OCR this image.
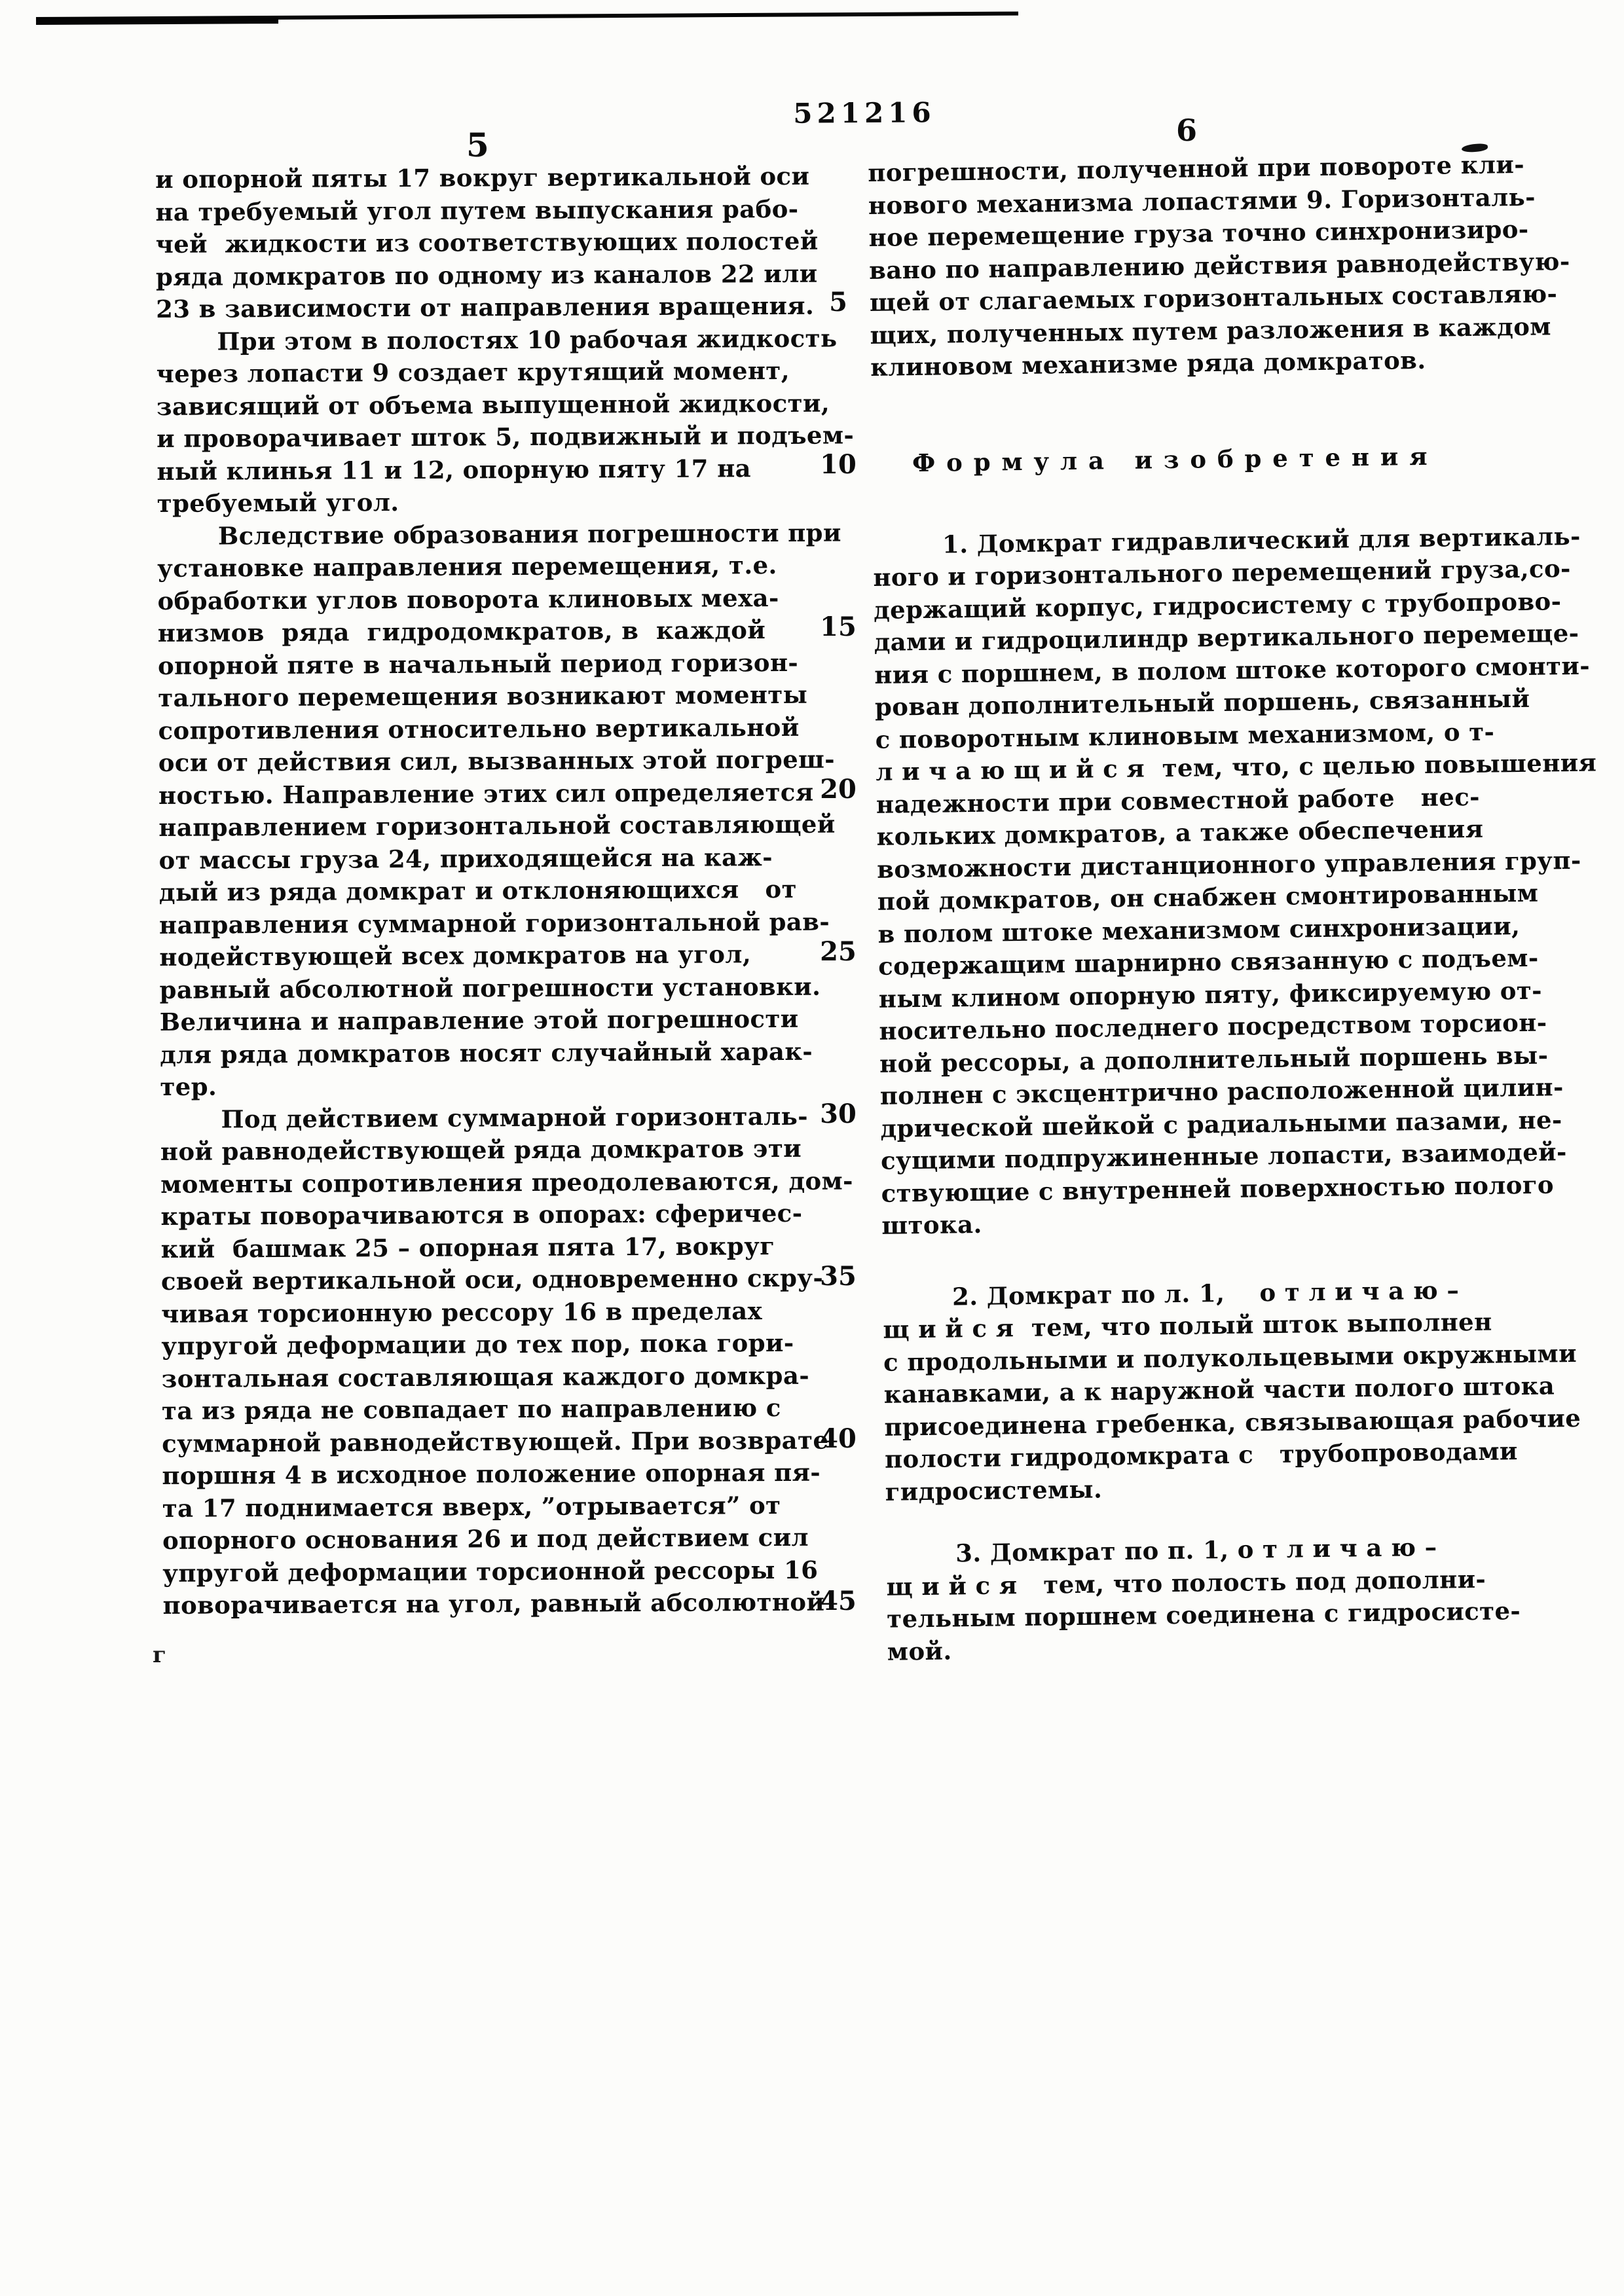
г
521216
5	6
и опорной пяты 17 вокруг вертикальной оси
на требуемый угол путем выпускания рабо-
чей  жидкости из соответствующих полостей
ряда домкратов по одному из каналов 22 или
23 в зависимости от направления вращения.
При этом в полостях 10 рабочая жидкость
через лопасти 9 создает крутящий момент,
зависящий от объема выпущенной жидкости,
и проворачивает шток 5, подвижный и подъем-
ный клинья 11 и 12, опорную пяту 17 на
требуемый угол.
Вследствие образования погрешности при
установке направления перемещения, т.е.
обработки углов поворота клиновых меха-
низмов  ряда  гидродомкратов, в  каждой
опорной пяте в начальный период горизон-
тального перемещения возникают моменты
сопротивления относительно вертикальной
оси от действия сил, вызванных этой погреш-
ностью. Направление этих сил определяется
направлением горизонтальной составляющей
от массы груза 24, приходящейся на каж-
дый из ряда домкрат и отклоняющихся   от
направления суммарной горизонтальной рав-
нодействующей всех домкратов на угол,
равный абсолютной погрешности установки.
Величина и направление этой погрешности
для ряда домкратов носят случайный харак-
тер.
Под действием суммарной горизонталь-
ной равнодействующей ряда домкратов эти
моменты сопротивления преодолеваются, дом-
краты поворачиваются в опорах: сферичес-
кий  башмак 25 – опорная пята 17, вокруг
своей вертикальной оси, одновременно скру-
чивая торсионную рессору 16 в пределах
упругой деформации до тех пор, пока гори-
зонтальная составляющая каждого домкра-
та из ряда не совпадает по направлению с
суммарной равнодействующей. При возврате
поршня 4 в исходное положение опорная пя-
та 17 поднимается вверх, ”отрывается” от
опорного основания 26 и под действием сил
упругой деформации торсионной рессоры 16
поворачивается на угол, равный абсолютной
5
10
15
20
25
30
35
40
45
погрешности, полученной при повороте кли-
нового механизма лопастями 9. Горизонталь-
ное перемещение груза точно синхронизиро-
вано по направлению действия равнодействую-
щей от слагаемых горизонтальных составляю-
щих, полученных путем разложения в каждом
клиновом механизме ряда домкратов.
Ф о р м у л а   и з о б р е т е н и я
1. Домкрат гидравлический для вертикаль-
ного и горизонтального перемещений груза,со-
держащий корпус, гидросистему с трубопрово-
дами и гидроцилиндр вертикального перемеще-
ния с поршнем, в полом штоке которого смонти-
рован дополнительный поршень, связанный
с поворотным клиновым механизмом, о т-
л и ч а ю щ и й с я  тем, что, с целью повышения
надежности при совместной работе   нес-
кольких домкратов, а также обеспечения
возможности дистанционного управления груп-
пой домкратов, он снабжен смонтированным
в полом штоке механизмом синхронизации,
содержащим шарнирно связанную с подъем-
ным клином опорную пяту, фиксируемую от-
носительно последнего посредством торсион-
ной рессоры, а дополнительный поршень вы-
полнен с эксцентрично расположенной цилин-
дрической шейкой с радиальными пазами, не-
сущими подпружиненные лопасти, взаимодей-
ствующие с внутренней поверхностью полого
штока.
2. Домкрат по л. 1,    о т л и ч а ю –
щ и й с я  тем, что полый шток выполнен
с продольными и полукольцевыми окружными
канавками, а к наружной части полого штока
присоединена гребенка, связывающая рабочие
полости гидродомкрата с   трубопроводами
гидросистемы.
3. Домкрат по п. 1, о т л и ч а ю –
щ и й с я   тем, что полость под дополни-
тельным поршнем соединена с гидросисте-
мой.
